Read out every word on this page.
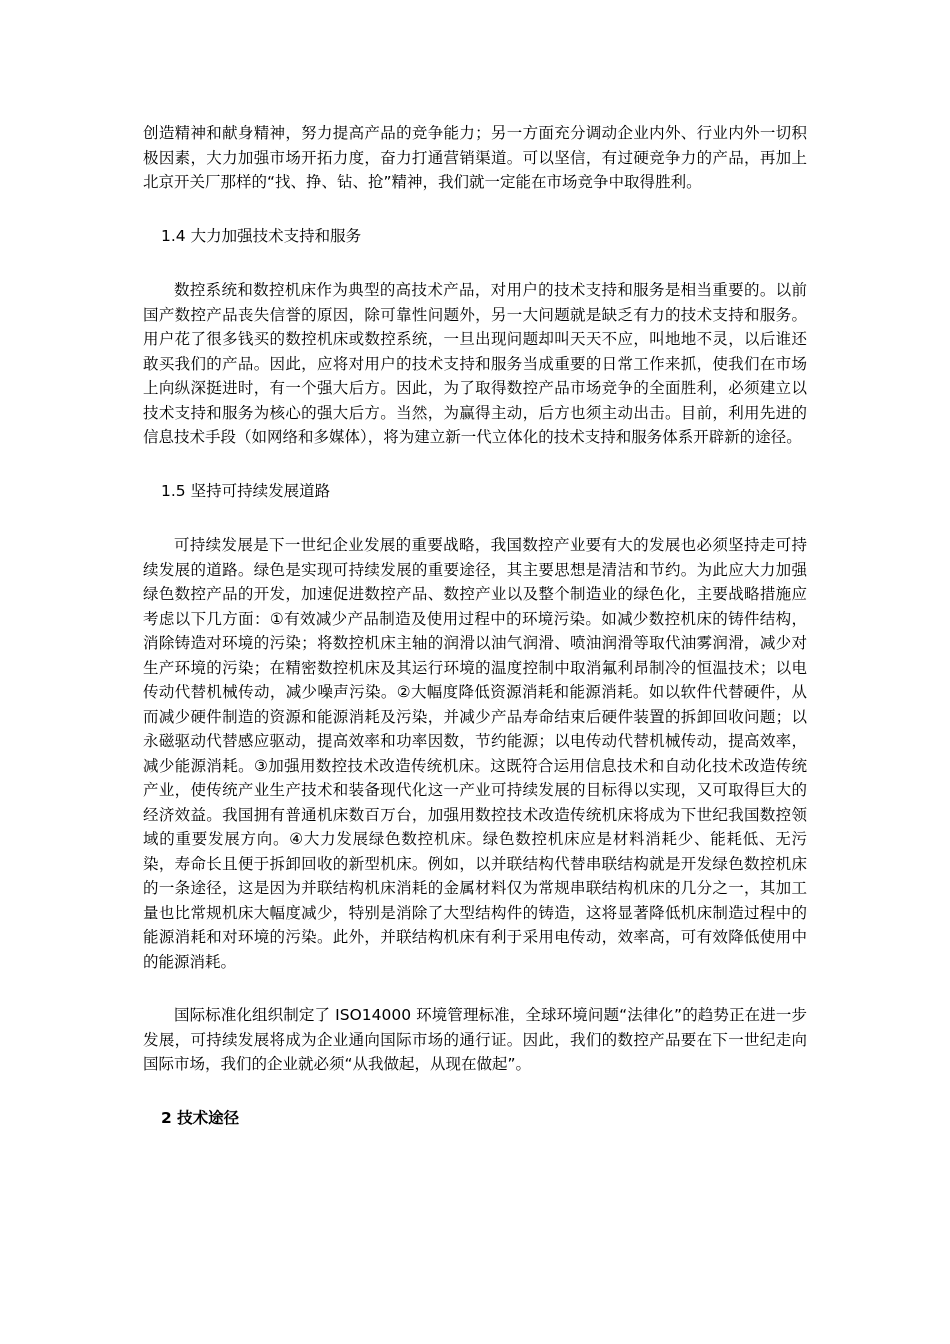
创造精神和献身精神，努力提高产品的竞争能力；另一方面充分调动企业内外、行业内外一切积极因素，大力加强市场开拓力度，奋力打通营销渠道。可以坚信，有过硬竞争力的产品，再加上北京开关厂那样的“找、挣、钻、抢”精神，我们就一定能在市场竞争中取得胜利。

1.4 大力加强技术支持和服务

数控系统和数控机床作为典型的高技术产品，对用户的技术支持和服务是相当重要的。以前国产数控产品丧失信誉的原因，除可靠性问题外，另一大问题就是缺乏有力的技术支持和服务。用户花了很多钱买的数控机床或数控系统，一旦出现问题却叫天天不应，叫地地不灵，以后谁还敢买我们的产品。因此，应将对用户的技术支持和服务当成重要的日常工作来抓，使我们在市场上向纵深挺进时，有一个强大后方。因此，为了取得数控产品市场竞争的全面胜利，必须建立以技术支持和服务为核心的强大后方。当然，为赢得主动，后方也须主动出击。目前，利用先进的信息技术手段（如网络和多媒体），将为建立新一代立体化的技术支持和服务体系开辟新的途径。

1.5 坚持可持续发展道路

可持续发展是下一世纪企业发展的重要战略，我国数控产业要有大的发展也必须坚持走可持续发展的道路。绿色是实现可持续发展的重要途径，其主要思想是清洁和节约。为此应大力加强绿色数控产品的开发，加速促进数控产品、数控产业以及整个制造业的绿色化，主要战略措施应考虑以下几方面：①有效减少产品制造及使用过程中的环境污染。如减少数控机床的铸件结构，消除铸造对环境的污染；将数控机床主轴的润滑以油气润滑、喷油润滑等取代油雾润滑，减少对生产环境的污染；在精密数控机床及其运行环境的温度控制中取消氟利昂制冷的恒温技术；以电传动代替机械传动，减少噪声污染。②大幅度降低资源消耗和能源消耗。如以软件代替硬件，从而减少硬件制造的资源和能源消耗及污染，并减少产品寿命结束后硬件装置的拆卸回收问题；以永磁驱动代替感应驱动，提高效率和功率因数，节约能源；以电传动代替机械传动，提高效率，减少能源消耗。③加强用数控技术改造传统机床。这既符合运用信息技术和自动化技术改造传统产业，使传统产业生产技术和装备现代化这一产业可持续发展的目标得以实现，又可取得巨大的经济效益。我国拥有普通机床数百万台，加强用数控技术改造传统机床将成为下世纪我国数控领域的重要发展方向。④大力发展绿色数控机床。绿色数控机床应是材料消耗少、能耗低、无污染，寿命长且便于拆卸回收的新型机床。例如，以并联结构代替串联结构就是开发绿色数控机床的一条途径，这是因为并联结构机床消耗的金属材料仅为常规串联结构机床的几分之一，其加工量也比常规机床大幅度减少，特别是消除了大型结构件的铸造，这将显著降低机床制造过程中的能源消耗和对环境的污染。此外，并联结构机床有利于采用电传动，效率高，可有效降低使用中的能源消耗。

国际标准化组织制定了 ISO14000 环境管理标准，全球环境问题“法律化”的趋势正在进一步发展，可持续发展将成为企业通向国际市场的通行证。因此，我们的数控产品要在下一世纪走向国际市场，我们的企业就必须“从我做起，从现在做起”。

2 技术途径
